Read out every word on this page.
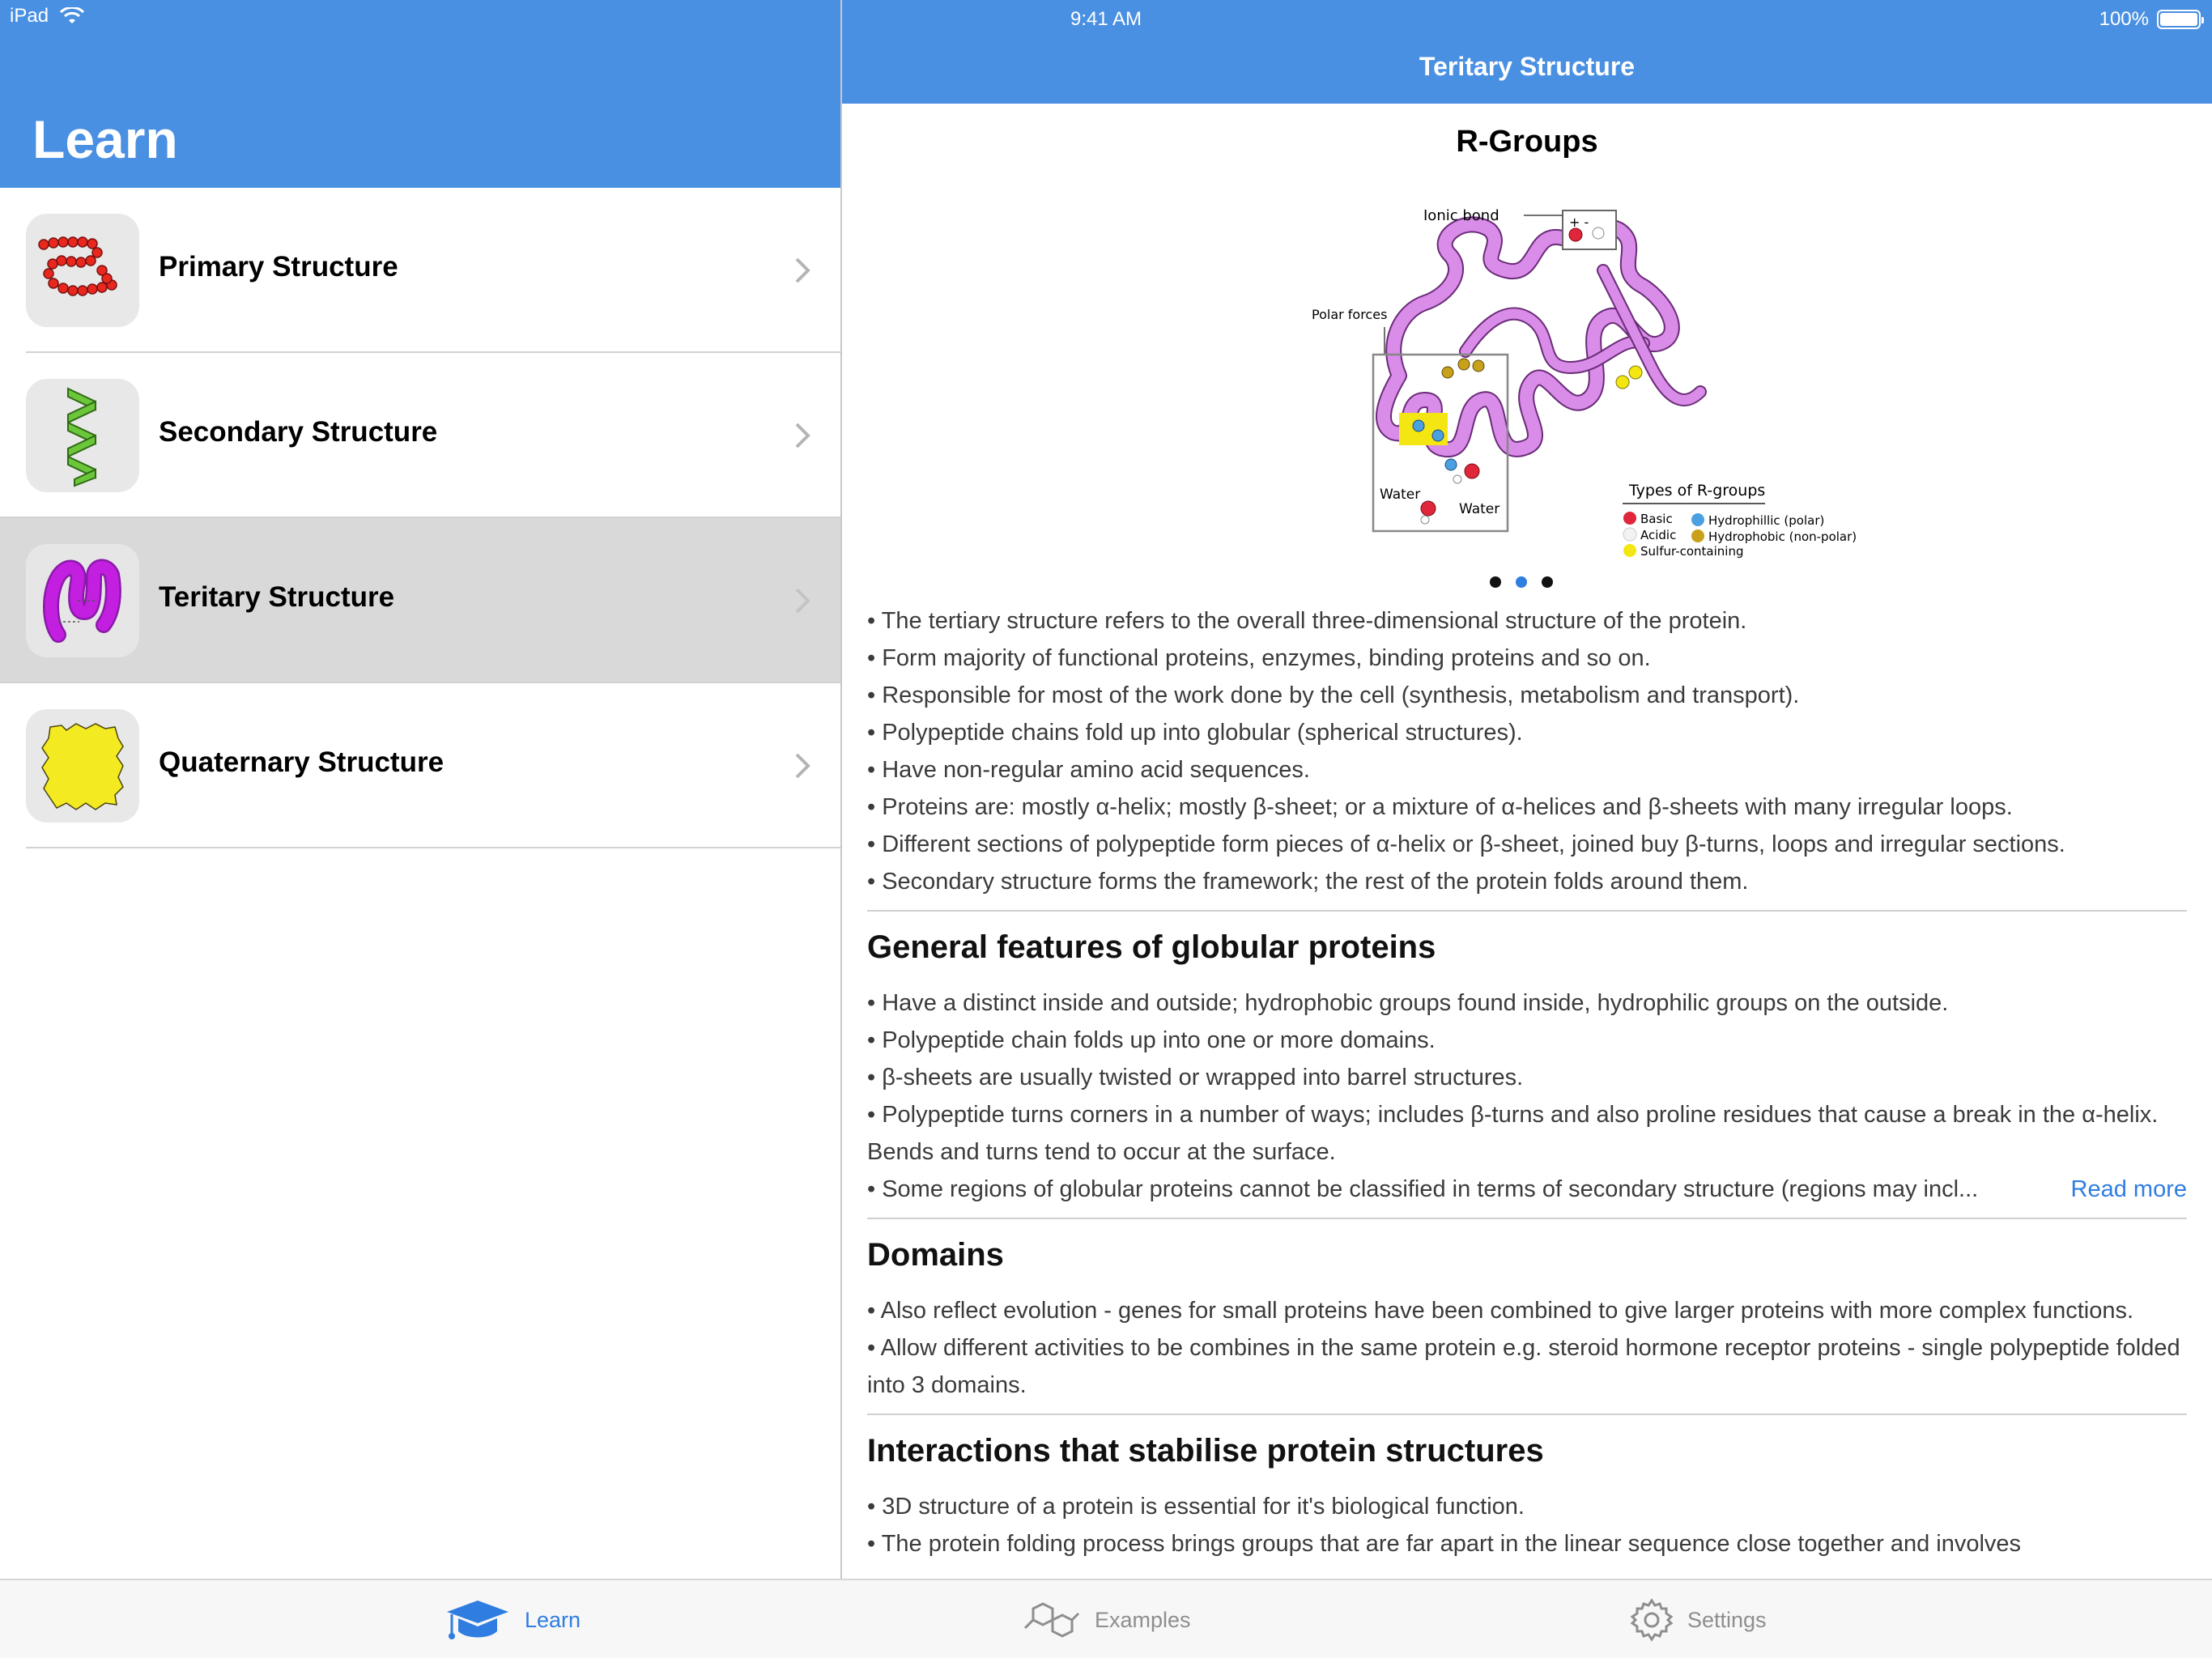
iPad	9:41 AM	100%
Learn
Teritary Structure
Primary Structure
Secondary Structure
Teritary Structure
Quaternary Structure
R-Groups
+ -
Ionic bond
Polar forces
Water
Water
Types of R-groups
Basic
Acidic
Sulfur-containing
Hydrophillic (polar)
Hydrophobic (non-polar)

• The tertiary structure refers to the overall three-dimensional structure of the protein.

• Form majority of functional proteins, enzymes, binding proteins and so on.

• Responsible for most of the work done by the cell (synthesis, metabolism and transport).

• Polypeptide chains fold up into globular (spherical structures).

• Have non-regular amino acid sequences.

• Proteins are: mostly α-helix; mostly β-sheet; or a mixture of α-helices and β-sheets with many irregular loops.

• Different sections of polypeptide form pieces of α-helix or β-sheet, joined buy β-turns, loops and irregular sections.

• Secondary structure forms the framework; the rest of the protein folds around them.

General features of globular proteins

• Have a distinct inside and outside; hydrophobic groups found inside, hydrophilic groups on the outside.

• Polypeptide chain folds up into one or more domains.

• β-sheets are usually twisted or wrapped into barrel structures.

• Polypeptide turns corners in a number of ways; includes β-turns and also proline residues that cause a break in the α-helix. Bends and turns tend to occur at the surface.

• Some regions of globular proteins cannot be classified in terms of secondary structure (regions may incl...	Read more

Domains

• Also reflect evolution - genes for small proteins have been combined to give larger proteins with more complex functions.

• Allow different activities to be combines in the same protein e.g. steroid hormone receptor proteins - single polypeptide folded into 3 domains.

Interactions that stabilise protein structures

• 3D structure of a protein is essential for it's biological function.

• The protein folding process brings groups that are far apart in the linear sequence close together and involves

Learn	Examples	Settings
